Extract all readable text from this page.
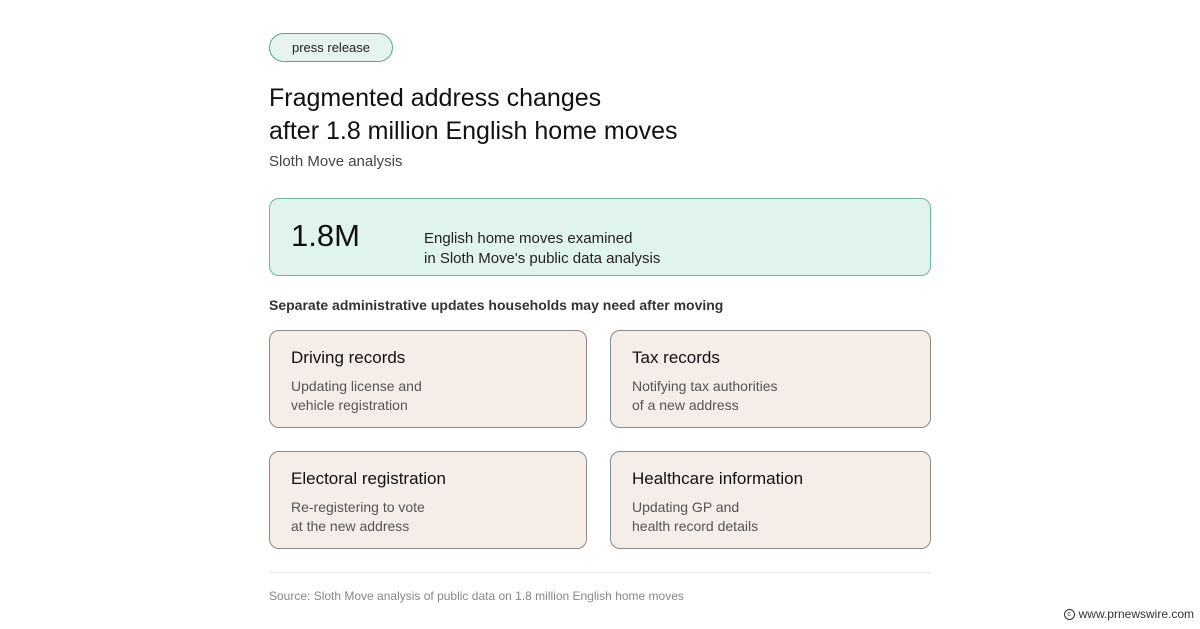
press release
Fragmented address changes
after 1.8 million English home moves
Sloth Move analysis
1.8M	English home moves examined
in Sloth Move's public data analysis
Separate administrative updates households may need after moving
Driving records
Updating license and
vehicle registration
Tax records
Notifying tax authorities
of a new address
Electoral registration
Re-registering to vote
at the new address
Healthcare information
Updating GP and
health record details
Source: Sloth Move analysis of public data on 1.8 million English home moves
c www.prnewswire.com
